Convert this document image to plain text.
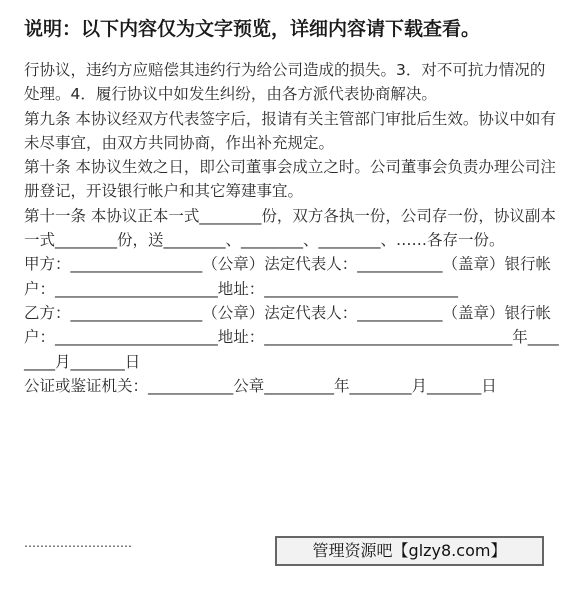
说明：以下内容仅为文字预览，详细内容请下载查看。

行协议，违约方应赔偿其违约行为给公司造成的损失。3．对不可抗力情况的处理。4．履行协议中如发生纠纷，由各方派代表协商解决。

第九条 本协议经双方代表签字后，报请有关主管部门审批后生效。协议中如有未尽事宜，由双方共同协商，作出补充规定。

第十条 本协议生效之日，即公司董事会成立之时。公司董事会负责办理公司注册登记，开设银行帐户和其它筹建事宜。

第十一条 本协议正本一式________份，双方各执一份，公司存一份，协议副本一式________份，送________、________、________、……各存一份。

甲方：_________________（公章）法定代表人：___________（盖章）银行帐户：_____________________地址：_________________________

乙方：_________________（公章）法定代表人：___________（盖章）银行帐户：_____________________地址：________________________________年________月_______日

公证或鉴证机关：___________公章_________年________月_______日

………………………	管理资源吧【glzy8.com】
